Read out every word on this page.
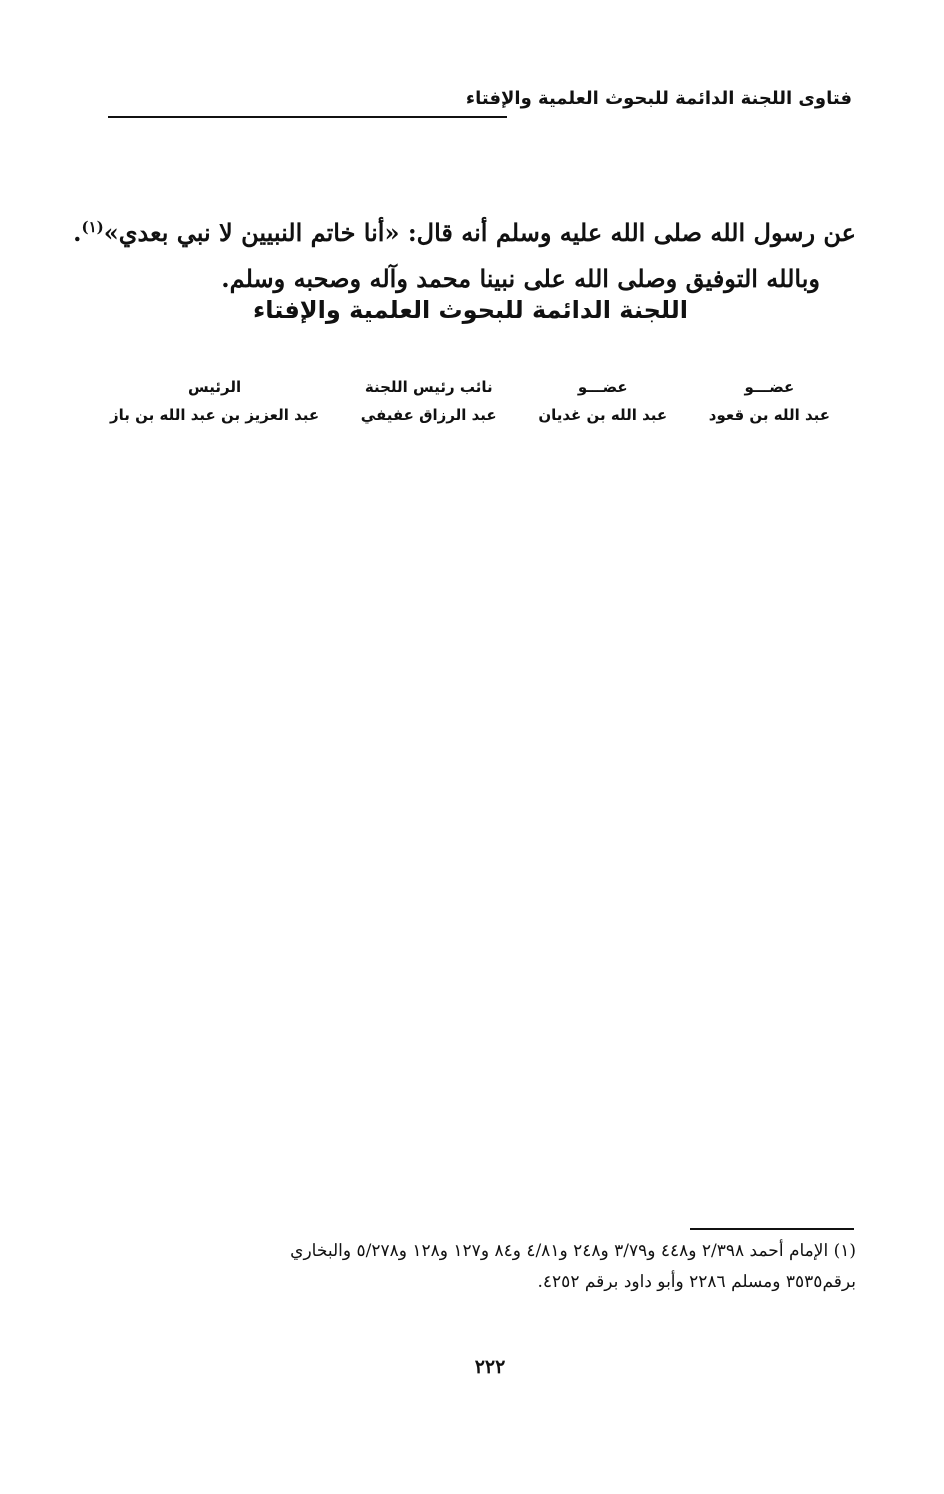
فتاوى اللجنة الدائمة للبحوث العلمية والإفتاء
عن رسول الله صلى الله عليه وسلم أنه قال: «أنا خاتم النبيين لا نبي بعدي»$^{(١)}$.
وبالله التوفيق وصلى الله على نبينا محمد وآله وصحبه وسلم.
اللجنة الدائمة للبحوث العلمية والإفتاء
عضـــو
عبد الله بن قعود
عضـــو
عبد الله بن غديان
نائب رئيس اللجنة
عبد الرزاق عفيفي
الرئيس
عبد العزيز بن عبد الله بن باز
(١) الإمام أحمد ٢/٣٩٨ و٤٤٨ و٣/٧٩ و٢٤٨ و٤/٨١ و٨٤ و١٢٧ و١٢٨ و٥/٢٧٨ والبخاري
برقم٣٥٣٥ ومسلم ٢٢٨٦ وأبو داود برقم ٤٢٥٢.
٢٢٢
